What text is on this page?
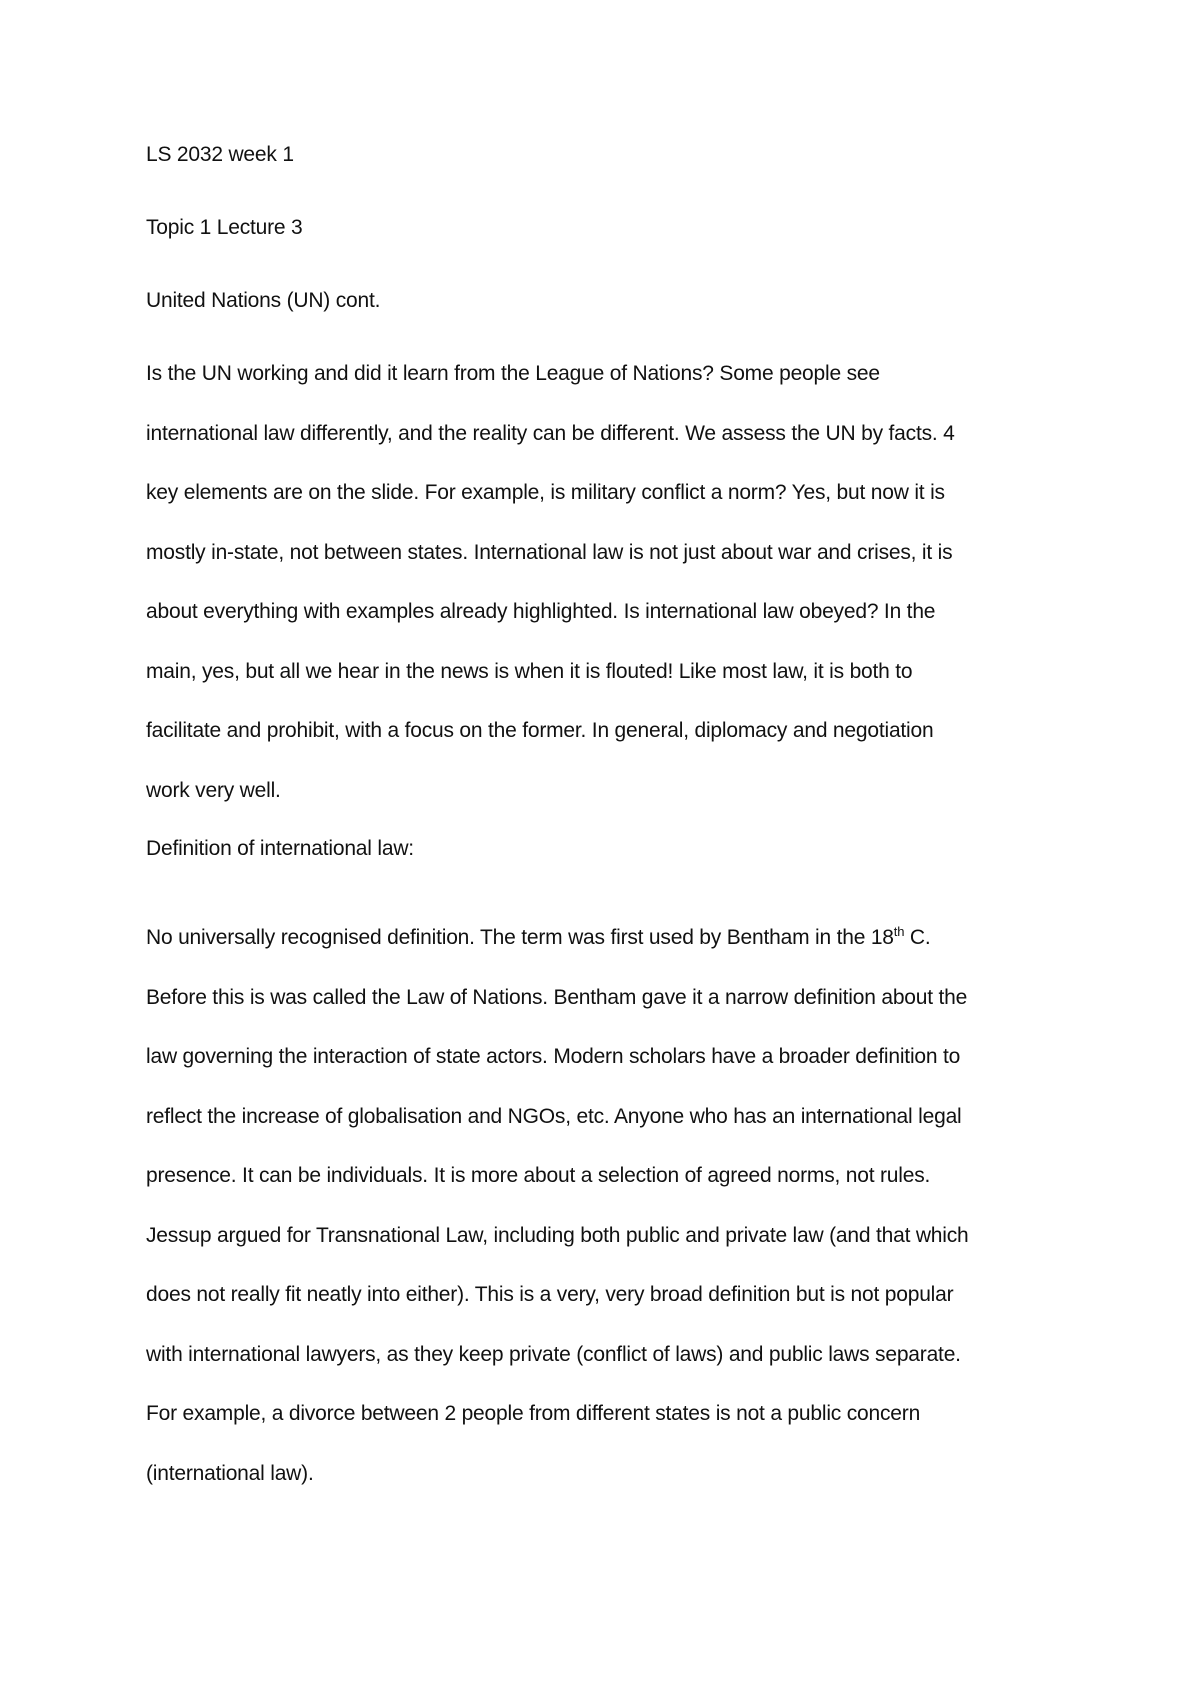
LS 2032 week 1

Topic 1 Lecture 3

United Nations (UN) cont.

Is the UN working and did it learn from the League of Nations? Some people see

international law differently, and the reality can be different. We assess the UN by facts. 4

key elements are on the slide. For example, is military conflict a norm? Yes, but now it is

mostly in-state, not between states. International law is not just about war and crises, it is

about everything with examples already highlighted. Is international law obeyed? In the

main, yes, but all we hear in the news is when it is flouted! Like most law, it is both to

facilitate and prohibit, with a focus on the former. In general, diplomacy and negotiation

work very well.

Definition of international law:

No universally recognised definition. The term was first used by Bentham in the 18th C.

Before this is was called the Law of Nations. Bentham gave it a narrow definition about the

law governing the interaction of state actors. Modern scholars have a broader definition to

reflect the increase of globalisation and NGOs, etc. Anyone who has an international legal

presence. It can be individuals. It is more about a selection of agreed norms, not rules.

Jessup argued for Transnational Law, including both public and private law (and that which

does not really fit neatly into either). This is a very, very broad definition but is not popular

with international lawyers, as they keep private (conflict of laws) and public laws separate.

For example, a divorce between 2 people from different states is not a public concern

(international law).
